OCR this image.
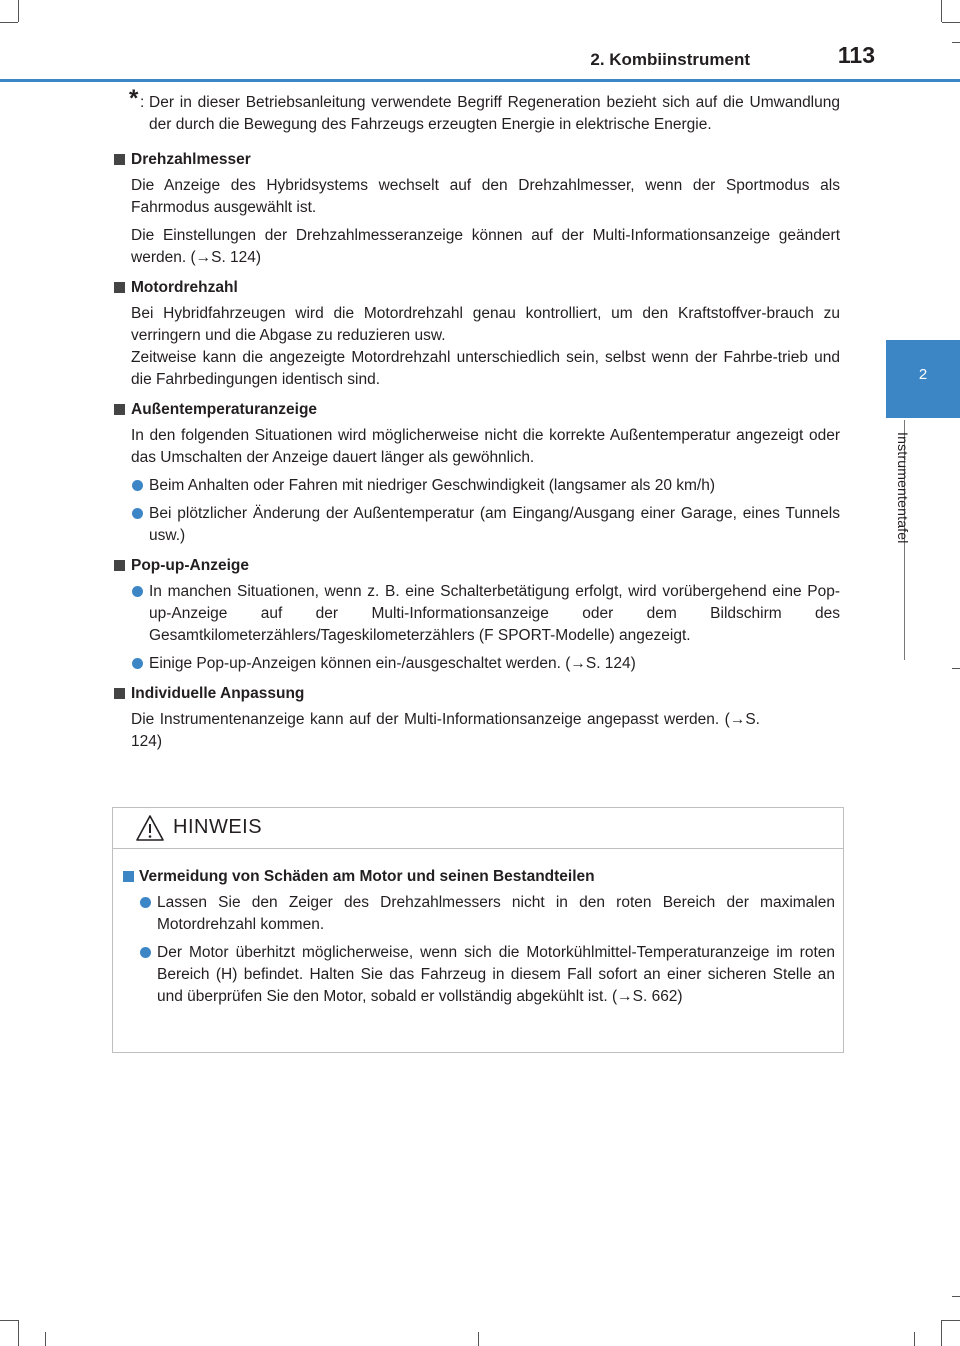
2. Kombiinstrument	113
2
Instrumententafel
* : Der in dieser Betriebsanleitung verwendete Begriff Regeneration bezieht sich auf die Umwandlung der durch die Bewegung des Fahrzeugs erzeugten Energie in elektrische Energie.
Drehzahlmesser
Die Anzeige des Hybridsystems wechselt auf den Drehzahlmesser, wenn der Sportmodus als Fahrmodus ausgewählt ist.
Die Einstellungen der Drehzahlmesseranzeige können auf der Multi-Informationsanzeige geändert werden. (→S. 124)
Motordrehzahl
Bei Hybridfahrzeugen wird die Motordrehzahl genau kontrolliert, um den Kraftstoffver-brauch zu verringern und die Abgase zu reduzieren usw.
Zeitweise kann die angezeigte Motordrehzahl unterschiedlich sein, selbst wenn der Fahrbe-trieb und die Fahrbedingungen identisch sind.
Außentemperaturanzeige
In den folgenden Situationen wird möglicherweise nicht die korrekte Außentemperatur angezeigt oder das Umschalten der Anzeige dauert länger als gewöhnlich.
Beim Anhalten oder Fahren mit niedriger Geschwindigkeit (langsamer als 20 km/h)
Bei plötzlicher Änderung der Außentemperatur (am Eingang/Ausgang einer Garage, eines Tunnels usw.)
Pop-up-Anzeige
In manchen Situationen, wenn z. B. eine Schalterbetätigung erfolgt, wird vorübergehend eine Pop-up-Anzeige auf der Multi-Informationsanzeige oder dem Bildschirm des Gesamtkilometerzählers/Tageskilometerzählers (F SPORT-Modelle) angezeigt.
Einige Pop-up-Anzeigen können ein-/ausgeschaltet werden. (→S. 124)
Individuelle Anpassung
Die Instrumentenanzeige kann auf der Multi-Informationsanzeige angepasst werden. (→S. 124)
HINWEIS
Vermeidung von Schäden am Motor und seinen Bestandteilen
Lassen Sie den Zeiger des Drehzahlmessers nicht in den roten Bereich der maximalen Motordrehzahl kommen.
Der Motor überhitzt möglicherweise, wenn sich die Motorkühlmittel-Temperaturanzeige im roten Bereich (H) befindet. Halten Sie das Fahrzeug in diesem Fall sofort an einer sicheren Stelle an und überprüfen Sie den Motor, sobald er vollständig abgekühlt ist. (→S. 662)
